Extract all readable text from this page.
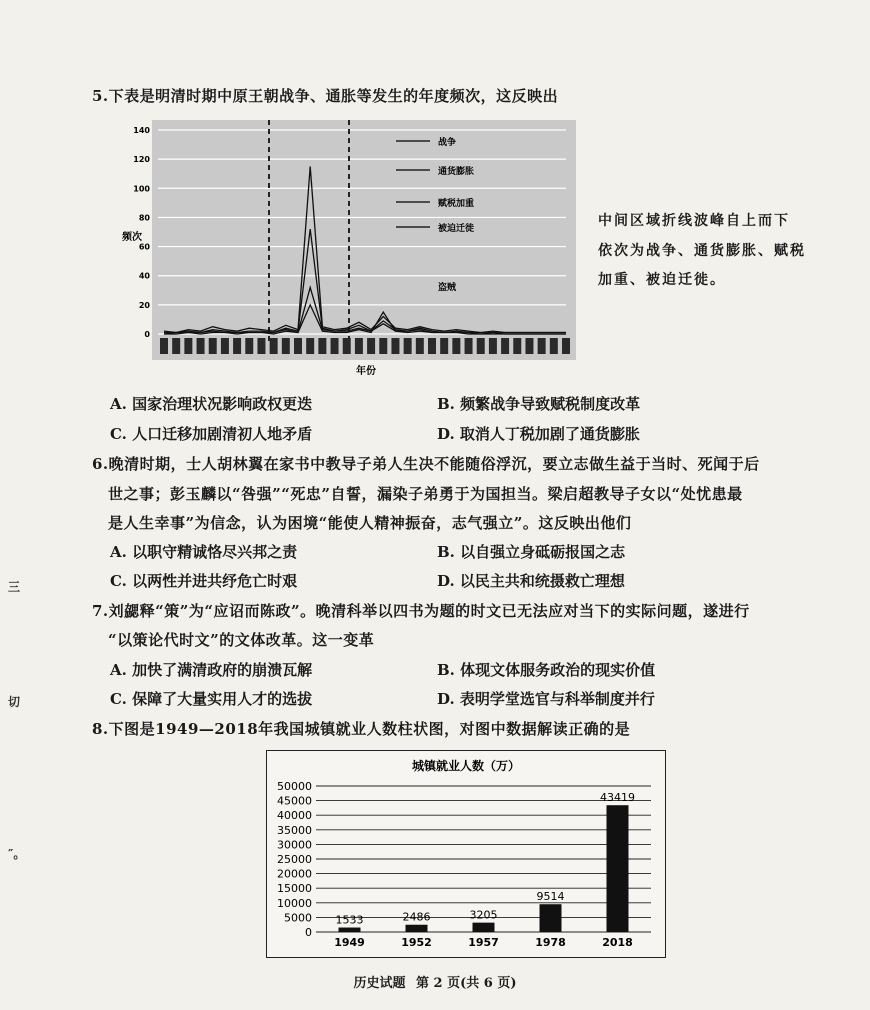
5.下表是明清时期中原王朝战争、通胀等发生的年度频次，这反映出
140
120
100
80
60
40
20
0
频次
年份
战争
通货膨胀
赋税加重
被迫迁徙
盗贼
中间区域折线波峰自上而下
依次为战争、通货膨胀、赋税
加重、被迫迁徙。
A. 国家治理状况影响政权更迭	B. 频繁战争导致赋税制度改革
C. 人口迁移加剧清初人地矛盾	D. 取消人丁税加剧了通货膨胀
6.晚清时期，士人胡林翼在家书中教导子弟人生决不能随俗浮沉，要立志做生益于当时、死闻于后
世之事；彭玉麟以“咎强”“死忠”自誓，漏染子弟勇于为国担当。梁启超教导子女以“处忧患最
是人生幸事”为信念，认为困境“能使人精神振奋，志气强立”。这反映出他们
A. 以职守精诚恪尽兴邦之责	B. 以自强立身砥砺报国之志
C. 以两性并进共纾危亡时艰	D. 以民主共和统摄救亡理想
7.刘勰释“策”为“应诏而陈政”。晚清科举以四书为题的时文已无法应对当下的实际问题，遂进行
“以策论代时文”的文体改革。这一变革
A. 加快了满清政府的崩溃瓦解	B. 体现文体服务政治的现实价值
C. 保障了大量实用人才的选拔	D. 表明学堂选官与科举制度并行
8.下图是1949—2018年我国城镇就业人数柱状图，对图中数据解读正确的是
城镇就业人数（万）
50000
45000
40000
35000
30000
25000
20000
15000
10000
5000
0
1533
1949
2486
1952
3205
1957
9514
1978
43419
2018
三
切
″。
历史试题 第 2 页(共 6 页)
